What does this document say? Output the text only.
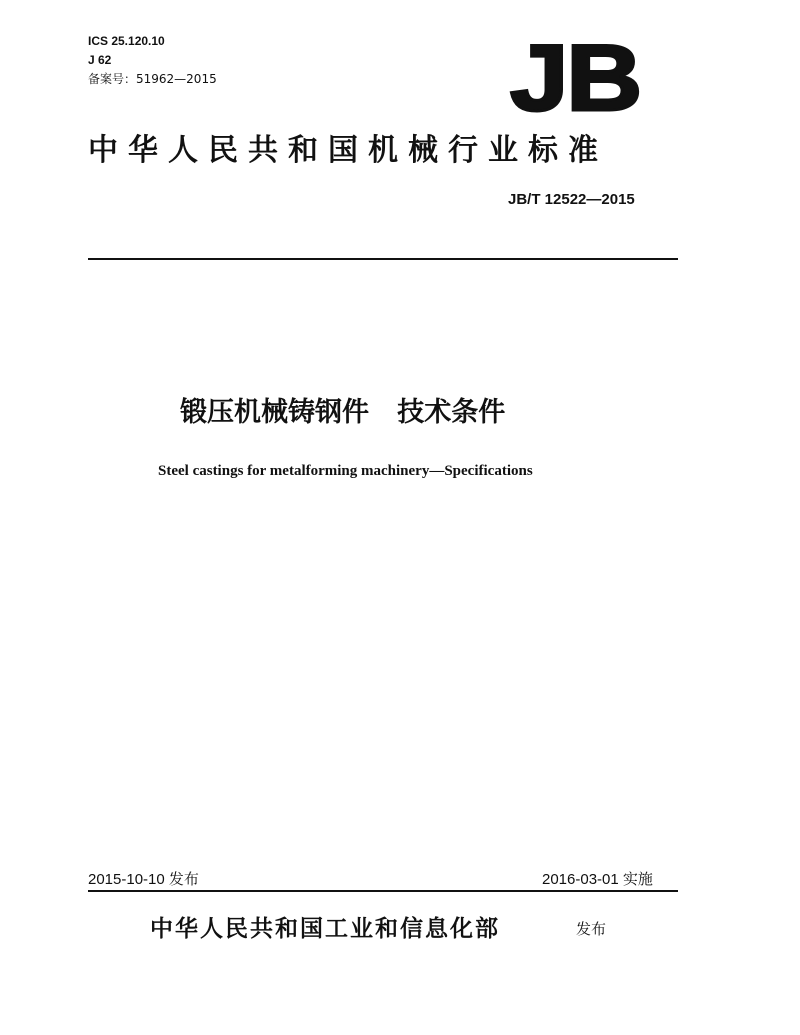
ICS 25.120.10
J 62
备案号：51962—2015	JB
中华人民共和国机械行业标准
JB/T 12522—2015
锻压机械铸钢件   技术条件
Steel castings for metalforming machinery—Specifications
2015-10-10 发布	2016-03-01 实施
中华人民共和国工业和信息化部	发布
